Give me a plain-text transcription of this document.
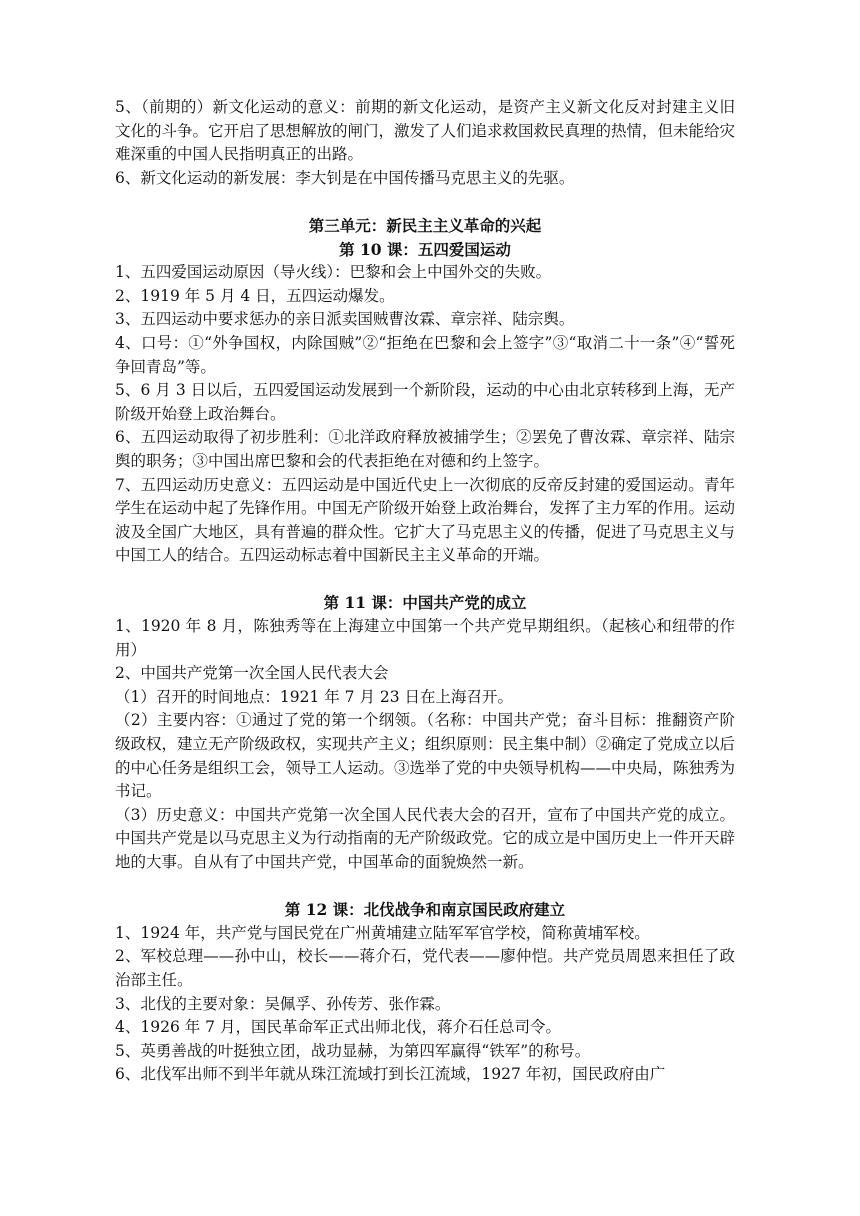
5、（前期的）新文化运动的意义：前期的新文化运动，是资产主义新文化反对封建主义旧文化的斗争。它开启了思想解放的闸门，激发了人们追求救国救民真理的热情，但未能给灾难深重的中国人民指明真正的出路。

6、新文化运动的新发展：李大钊是在中国传播马克思主义的先驱。

第三单元：新民主主义革命的兴起
第 10 课：五四爱国运动

1、五四爱国运动原因（导火线）：巴黎和会上中国外交的失败。

2、1919 年 5 月 4 日，五四运动爆发。

3、五四运动中要求惩办的亲日派卖国贼曹汝霖、章宗祥、陆宗舆。

4、口号：①“外争国权，内除国贼”②“拒绝在巴黎和会上签字”③“取消二十一条”④“誓死争回青岛”等。

5、6 月 3 日以后，五四爱国运动发展到一个新阶段，运动的中心由北京转移到上海，无产阶级开始登上政治舞台。

6、五四运动取得了初步胜利：①北洋政府释放被捕学生；②罢免了曹汝霖、章宗祥、陆宗舆的职务；③中国出席巴黎和会的代表拒绝在对德和约上签字。

7、五四运动历史意义：五四运动是中国近代史上一次彻底的反帝反封建的爱国运动。青年学生在运动中起了先锋作用。中国无产阶级开始登上政治舞台，发挥了主力军的作用。运动波及全国广大地区，具有普遍的群众性。它扩大了马克思主义的传播，促进了马克思主义与中国工人的结合。五四运动标志着中国新民主主义革命的开端。

第 11 课：中国共产党的成立

1、1920 年 8 月，陈独秀等在上海建立中国第一个共产党早期组织。（起核心和纽带的作用）

2、中国共产党第一次全国人民代表大会

（1）召开的时间地点：1921 年 7 月 23 日在上海召开。

（2）主要内容：①通过了党的第一个纲领。（名称：中国共产党；奋斗目标：推翻资产阶级政权，建立无产阶级政权，实现共产主义；组织原则：民主集中制）②确定了党成立以后的中心任务是组织工会，领导工人运动。③选举了党的中央领导机构——中央局，陈独秀为书记。

（3）历史意义：中国共产党第一次全国人民代表大会的召开，宣布了中国共产党的成立。中国共产党是以马克思主义为行动指南的无产阶级政党。它的成立是中国历史上一件开天辟地的大事。自从有了中国共产党，中国革命的面貌焕然一新。

第 12 课：北伐战争和南京国民政府建立

1、1924 年，共产党与国民党在广州黄埔建立陆军军官学校，简称黄埔军校。

2、军校总理——孙中山，校长——蒋介石，党代表——廖仲恺。共产党员周恩来担任了政治部主任。

3、北伐的主要对象：吴佩孚、孙传芳、张作霖。

4、1926 年 7 月，国民革命军正式出师北伐，蒋介石任总司令。

5、英勇善战的叶挺独立团，战功显赫，为第四军赢得“铁军”的称号。

6、北伐军出师不到半年就从珠江流域打到长江流域，1927 年初，国民政府由广
